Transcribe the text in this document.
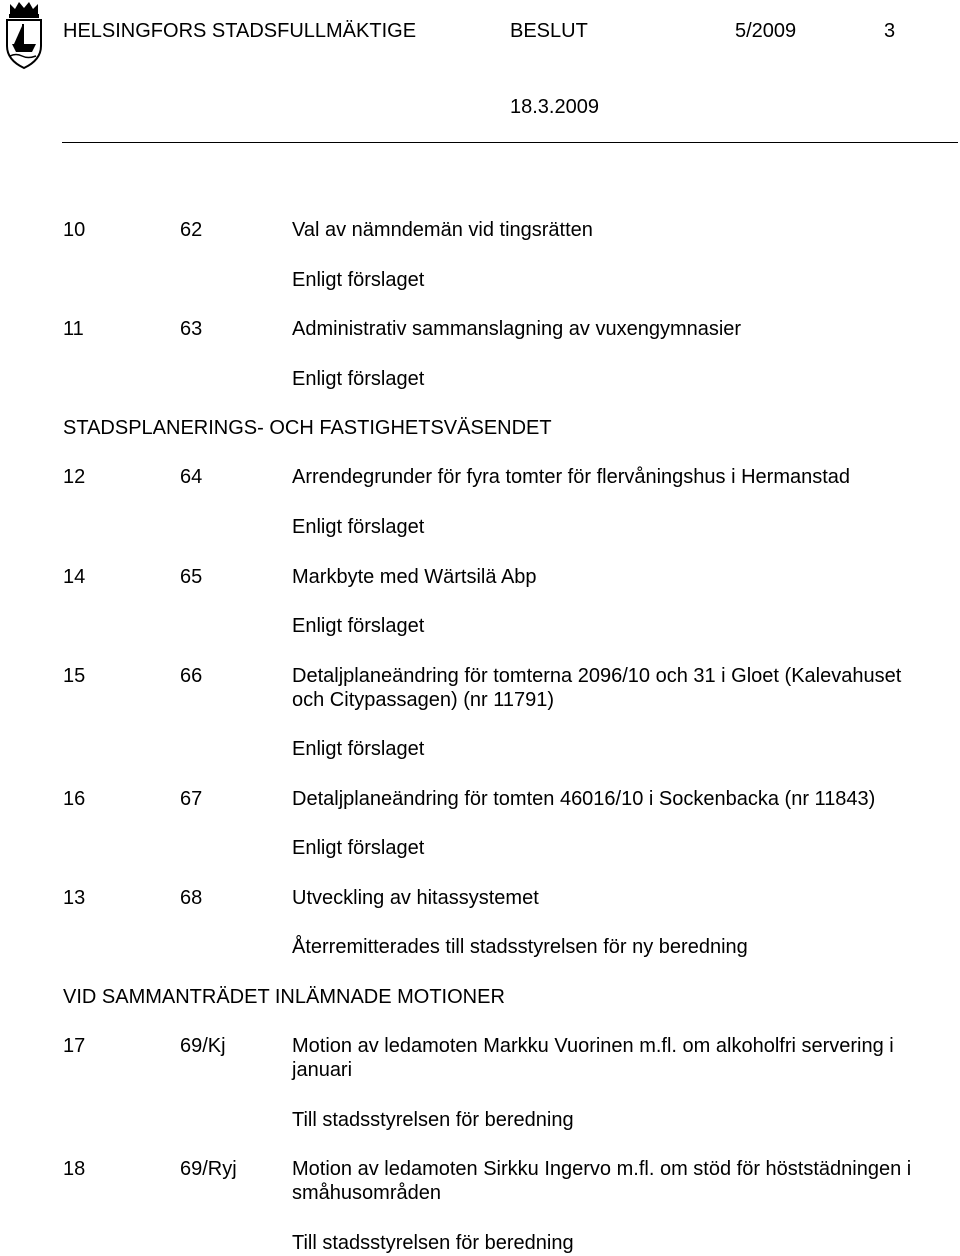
HELSINGFORS STADSFULLMÄKTIGE	BESLUT	5/2009	3
18.3.2009
10	62	Val av nämndemän vid tingsrätten
Enligt förslaget
11	63	Administrativ sammanslagning av vuxengymnasier
Enligt förslaget
STADSPLANERINGS- OCH FASTIGHETSVÄSENDET
12	64	Arrendegrunder för fyra tomter för flervåningshus i Hermanstad
Enligt förslaget
14	65	Markbyte med Wärtsilä Abp
Enligt förslaget
15	66	Detaljplaneändring för tomterna 2096/10 och 31 i Gloet (Kalevahuset och Citypassagen) (nr 11791)
Enligt förslaget
16	67	Detaljplaneändring för tomten 46016/10 i Sockenbacka (nr 11843)
Enligt förslaget
13	68	Utveckling av hitassystemet
Återremitterades till stadsstyrelsen för ny beredning
VID SAMMANTRÄDET INLÄMNADE MOTIONER
17	69/Kj	Motion av ledamoten Markku Vuorinen m.fl. om alkoholfri servering i januari
Till stadsstyrelsen för beredning
18	69/Ryj	Motion av ledamoten Sirkku Ingervo m.fl. om stöd för höststädningen i småhusområden
Till stadsstyrelsen för beredning
